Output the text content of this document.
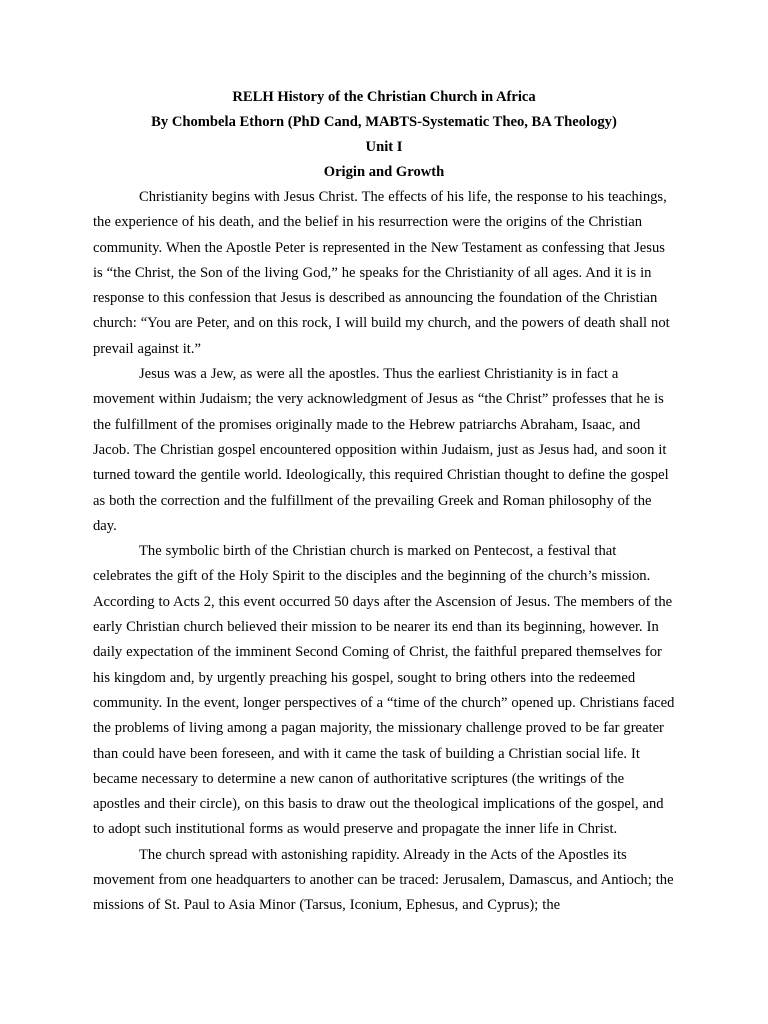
RELH History of the Christian Church in Africa

By Chombela Ethorn (PhD Cand, MABTS-Systematic Theo, BA Theology)

Unit I

Origin and Growth

Christianity begins with Jesus Christ. The effects of his life, the response to his teachings, the experience of his death, and the belief in his resurrection were the origins of the Christian community. When the Apostle Peter is represented in the New Testament as confessing that Jesus is “the Christ, the Son of the living God,” he speaks for the Christianity of all ages. And it is in response to this confession that Jesus is described as announcing the foundation of the Christian church: “You are Peter, and on this rock, I will build my church, and the powers of death shall not prevail against it.”

Jesus was a Jew, as were all the apostles. Thus the earliest Christianity is in fact a movement within Judaism; the very acknowledgment of Jesus as “the Christ” professes that he is the fulfillment of the promises originally made to the Hebrew patriarchs Abraham, Isaac, and Jacob. The Christian gospel encountered opposition within Judaism, just as Jesus had, and soon it turned toward the gentile world. Ideologically, this required Christian thought to define the gospel as both the correction and the fulfillment of the prevailing Greek and Roman philosophy of the day.

The symbolic birth of the Christian church is marked on Pentecost, a festival that celebrates the gift of the Holy Spirit to the disciples and the beginning of the church’s mission. According to Acts 2, this event occurred 50 days after the Ascension of Jesus. The members of the early Christian church believed their mission to be nearer its end than its beginning, however. In daily expectation of the imminent Second Coming of Christ, the faithful prepared themselves for his kingdom and, by urgently preaching his gospel, sought to bring others into the redeemed community. In the event, longer perspectives of a “time of the church” opened up. Christians faced the problems of living among a pagan majority, the missionary challenge proved to be far greater than could have been foreseen, and with it came the task of building a Christian social life. It became necessary to determine a new canon of authoritative scriptures (the writings of the apostles and their circle), on this basis to draw out the theological implications of the gospel, and to adopt such institutional forms as would preserve and propagate the inner life in Christ.

The church spread with astonishing rapidity. Already in the Acts of the Apostles its movement from one headquarters to another can be traced: Jerusalem, Damascus, and Antioch; the missions of St. Paul to Asia Minor (Tarsus, Iconium, Ephesus, and Cyprus); the
